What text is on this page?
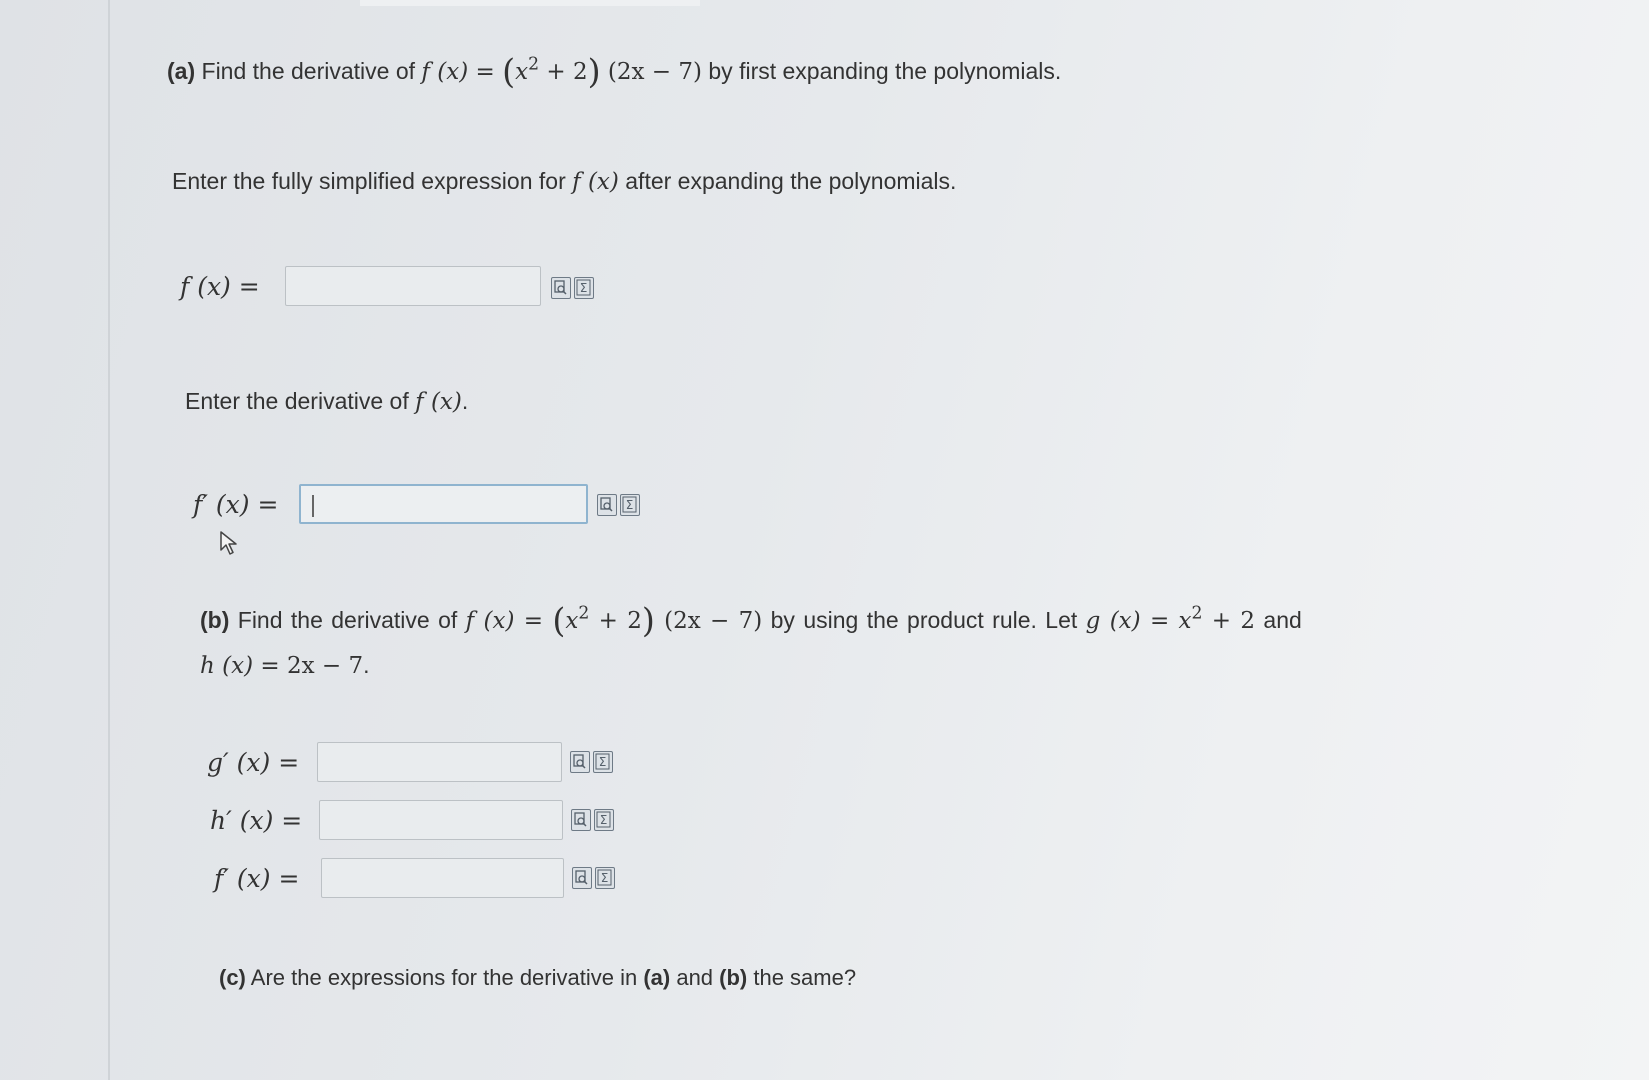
(a) Find the derivative of f $(x) = (x^2 + 2) (2x - 7)$ by first expanding the polynomials.
Enter the fully simplified expression for f (x) after expanding the polynomials.
f (x) =	Σ
Enter the derivative of f (x).
f′ (x) =	Σ
(b) Find the derivative of f $(x) = (x^2 + 2) (2x - 7)$ by using the product rule. Let g $(x) = x^2 + 2$ and
h (x) = 2x − 7.
g′ (x) =	Σ
h′ (x) =	Σ
f′ (x) =	Σ
(c) Are the expressions for the derivative in (a) and (b) the same?
